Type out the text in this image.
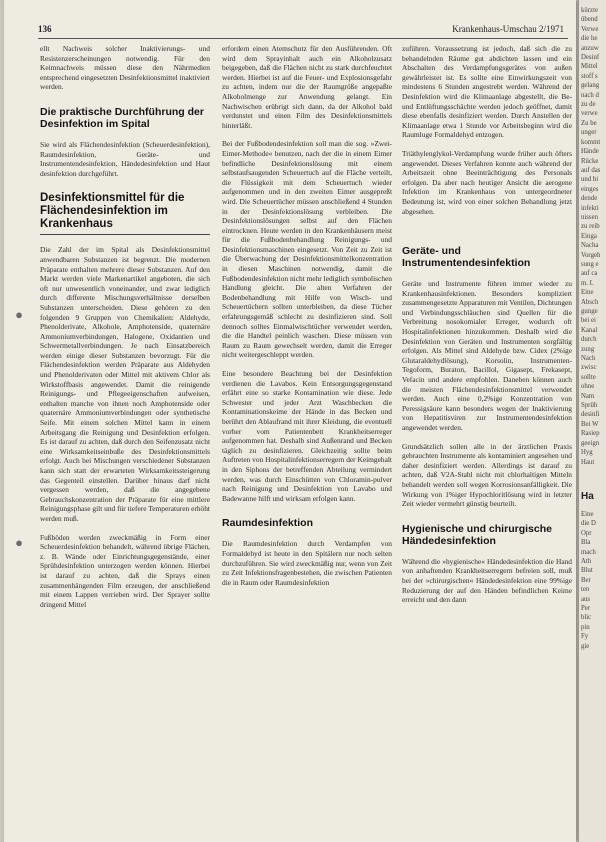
136	Krankenhaus-Umschau 2/1971

ellt Nachweis solcher Inaktivierungs- und Resistenzerscheinungen notwendig. Für den Keimnachweis müssen diese den Nährmedien entsprechend eingesetzten Desinfektionsmittel inaktiviert werden.

Die praktische Durchführung der Desinfektion im Spital

Sie wird als Flächendesinfektion (Scheuerdesinfektion), Raumdesinfektion, Geräte- und Instrumentendesinfektion, Händedesinfektion und Haut desinfektion durchgeführt.

Desinfektionsmittel für die Flächendesinfektion im Krankenhaus

Die Zahl der im Spital als Desinfektionsmittel anwendbaren Substanzen ist begrenzt. Die modernen Präparate enthalten mehrere dieser Substanzen. Auf den Markt werden viele Markenartikel angeboten, die sich oft nur unwesentlich voneinander, und zwar lediglich durch differente Mischungsverhältnisse derselben Substanzen unterscheiden. Diese gehören zu den folgenden 9 Gruppen von Chemikalien: Aldehyde, Phenolderivate, Alkohole, Amphotenside, quaternäre Ammoniumverbindungen, Halogene, Oxidantien und Schwermetallverbindungen. Je nach Einsatzbereich werden einige dieser Substanzen bevorzugt. Für die Flächendesinfektion werden Präparate aus Aldehyden und Phenolderivaten oder Mittel mit aktivem Chlor als Wirkstoffbasis angewendet. Damit die reinigende Reinigungs- und Pflegeeigenschaften aufweisen, enthalten manche von ihnen noch Amphotenside oder quaternäre Ammoniumverbindungen oder synthetische Seife. Mit einem solchen Mittel kann in einem Arbeitsgang die Reinigung und Desinfektion erfolgen. Es ist darauf zu achten, daß durch den Seifenzusatz nicht eine Wirksamkeitseinbuße des Desinfektionsmittels erfolgt. Auch bei Mischungen verschiedener Substanzen kann sich statt der erwarteten Wirksamkeitssteigerung das Gegenteil einstellen. Darüber hinaus darf nicht vergessen werden, daß die angegebene Gebrauchskonzentration der Präparate für eine mittlere Reinigungsphase gilt und für tiefere Temperaturen erhöht werden muß.

Fußböden werden zweckmäßig in Form einer Scheuerdesinfektion behandelt, während übrige Flächen, z. B. Wände oder Einrichtungsgegenstände, einer Sprühdesinfektion unterzogen werden können. Hierbei ist darauf zu achten, daß die Sprays einen zusammenhängenden Film erzeugen, der anschließend mit einem Lappen verrieben wird. Der Sprayer sollte dringend Mittel

erfordern einen Atemschutz für den Ausführenden. Oft wird dem Sprayinhalt auch ein Alkoholzusatz beigegeben, daß die Flächen nicht zu stark durchfeuchtet werden. Hierbei ist auf die Feuer- und Explosionsgefahr zu achten, indem nur die der Raumgröße angepaßte Alkoholmenge zur Anwendung gelangt. Ein Nachwischen erübrigt sich dann, da der Alkohol bald verdunstet und einen Film des Desinfektionsmittels hinterläßt.

Bei der Fußbodendesinfektion soll man die sog. »Zwei-Eimer-Methode« benutzen, nach der die in einem Eimer befindliche Desinfektionslösung mit einem selbstaufsaugenden Scheuertuch auf die Fläche verteilt, die Flüssigkeit mit dem Scheuertuch wieder aufgenommen und in den zweiten Eimer ausgepreßt wird. Die Scheuertücher müssen anschließend 4 Stunden in der Desinfektionslösung verbleiben. Die Desinfektionslösungen selbst auf den Flächen eintrocknen. Heute werden in den Krankenhäusern meist für die Fußbodenbehandlung Reinigungs- und Desinfektionsmaschinen eingesetzt. Von Zeit zu Zeit ist die Überwachung der Desinfektionsmittelkonzentration in diesen Maschinen notwendig, damit die Fußbodendesinfektion nicht mehr lediglich symbolischen Handlung gleicht. Die alten Verfahren der Bodenbehandlung mit Hilfe von Wisch- und Scheuertüchern sollten unterbleiben, da diese Tücher erfahrungsgemäß schlecht zu desinfizieren sind. Soll dennoch solltes Einmalwischtücher verwendet werden, die die Handtel peinlich waschen. Diese müssen von Raum zu Raum gewechselt werden, damit die Erreger nicht weitergeschleppt werden.

Eine besondere Beachtung bei der Desinfektion verdienen die Lavabos. Kein Entsorgungsgegenstand erfährt eine so starke Kontamination wie diese. Jede Schwester und jeder Arzt Waschbecken die Kontaminationskeime der Hände in das Becken und berührt den Ablaufrand mit ihrer Kleidung, die eventuell vorher vom Patientenbett Krankheitserreger aufgenommen hat. Deshalb sind Außenrand und Becken täglich zu desinfizieren. Gleichzeitig sollte beim Auftreten von Hospitalinfektionserregern der Keimgehalt in den Siphons der betreffenden Abteilung vermindert werden, was durch Einschütten von Chloramin-pulver nach Reinigung und Desinfektion von Lavabo und Badewanne hilft und wirksam erfolgen kann.

Raumdesinfektion

Die Raumdesinfektion durch Verdampfen von Formaldehyd ist heute in den Spitälern nur noch selten durchzuführen. Sie wird zweckmäßig nur, wenn von Zeit zu Zeit Infektionsfragenbestehen, die zwischen Patienten die in Raum oder Raumdesinfektion

zuführen. Voraussetzung ist jedoch, daß sich die zu behandelnden Räume gut abdichten lassen und ein Abschalten des Verdampfungsgerätes von außen gewährleistet ist. Es sollte eine Einwirkungszeit von mindestens 6 Stunden angestrebt werden. Während der Desinfektion wird die Klimaanlage abgestellt, die Be- und Entlüftungsschächte werden jedoch geöffnet, damit diese ebenfalls desinfiziert werden. Durch Anstellen der Klimaanlage etwa 1 Stunde vor Arbeitsbeginn wird die Raumluge Formaldehyd entzogen.

Triäthylenglykol-Verdampfung wurde früher auch öfters angewendet. Dieses Verfahren konnte auch während der Arbeitszeit ohne Beeinträchtigung des Personals erfolgen. Da aber nach heutiger Ansicht die aerogene Infektion im Krankenhaus von untergeordneter Bedeutung ist, wird von einer solchen Behandlung jetzt abgesehen.

Geräte- und Instrumentendesinfektion

Geräte und Instrumente führen immer wieder zu Krankenhausinfektionen. Besonders kompliziert zusammengesetzte Apparaturen mit Ventilen, Dichtungen und Verbindungsschläuchen sind Quellen für die Verbreitung nosokomialer Erreger, wodurch oft Hospitalinfektionen hinzukommen. Deshalb wird die Desinfektion von Geräten und Instrumenten sorgfältig erfolgen. Als Mittel sind Aldehyde bzw. Cidex (2%ige Glutaraldehydlösung), Korsolin, Instrumenten-Tegoform, Buraton, Bacillol, Gigasept, Frekasept, Vefacin und andere empfohlen. Daneben können auch die meisten Flächendesinfektionsmittel verwendet werden. Auch eine 0,2%ige Konzentration von Peressigsäure kann besonders wegen der Inaktivierung von Hepatitisviren zur Instrumentendesinfektion angewendet werden.

Grundsätzlich sollen alle in der ärztlichen Praxis gebrauchten Instrumente als kontaminiert angesehen und daher desinfiziert werden. Allerdings ist darauf zu achten, daß V2A-Stahl nicht mit chlorhaltigen Mitteln behandelt werden soll wegen Korrosionsanfälligkeit. Die Wirkung von 1%iger Hypochloritlösung wird in letzter Zeit wieder vermehrt günstig beurteilt.

Hygienische und chirurgische Händedesinfektion

Während die »hygienische« Händedesinfektion die Hand von anhaftenden Krankheitserregern befreien soll, muß bei der »chirurgischen« Händedesinfektion eine 99%ige Reduzierung der auf den Händen befindlichen Keime erreicht und den dann

●
●
kürzte
übend
Verwe
die he
anzuw
Desinf
Mittel
stoff s
gelang
nach d
zu de
verwe
Zu be
unger
kommt
Hände
Rücke
auf das
und bi
einges
dende
infekti
nissen
zu reib
Einga
Nacha
Vorgeh
sung e
auf ca
m. I.
Eine
Absch
gunge
bei ei
Kanal
durch
zung
Nach
zwisc
sollte
ohne
Nam
Sprüh
desinfi
Bei W
Rasiep
geeign
Hyg
Haut
Ha
Eine
die D
Opr
Bla
mach
Ath
Blut
Ber
ten
aus
Per
blic
pin
Fy
gie
